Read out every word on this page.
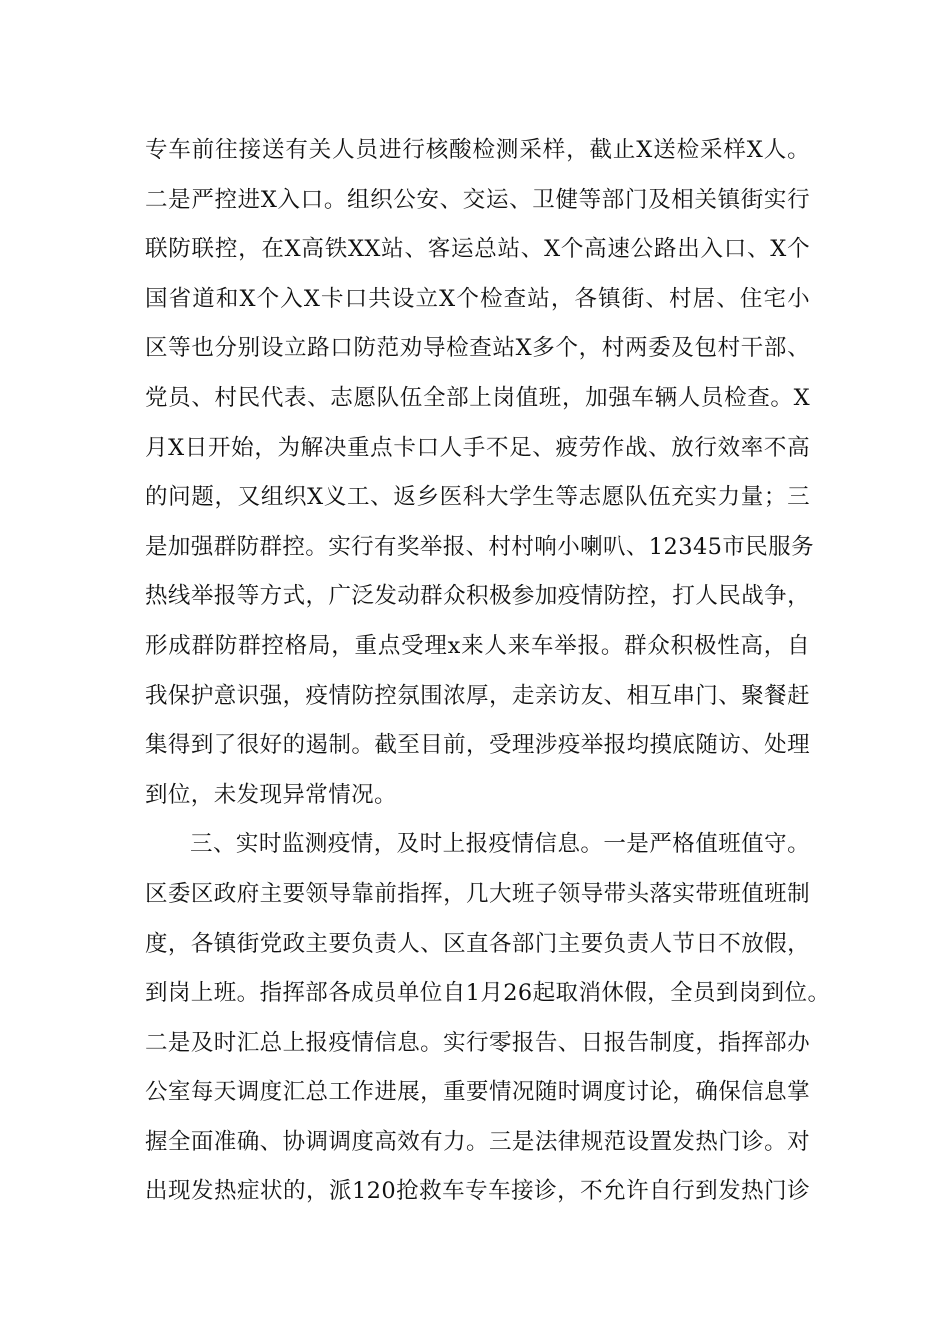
专车前往接送有关人员进行核酸检测采样，截止X送检采样X人。
二是严控进X入口。组织公安、交运、卫健等部门及相关镇街实行
联防联控，在X高铁XX站、客运总站、X个高速公路出入口、X个
国省道和X个入X卡口共设立X个检查站，各镇街、村居、住宅小
区等也分别设立路口防范劝导检查站X多个，村两委及包村干部、
党员、村民代表、志愿队伍全部上岗值班，加强车辆人员检查。X
月X日开始，为解决重点卡口人手不足、疲劳作战、放行效率不高
的问题，又组织X义工、返乡医科大学生等志愿队伍充实力量；三
是加强群防群控。实行有奖举报、村村响小喇叭、12345市民服务
热线举报等方式，广泛发动群众积极参加疫情防控，打人民战争，
形成群防群控格局，重点受理x来人来车举报。群众积极性高，自
我保护意识强，疫情防控氛围浓厚，走亲访友、相互串门、聚餐赶
集得到了很好的遏制。截至目前，受理涉疫举报均摸底随访、处理
到位，未发现异常情况。
三、实时监测疫情，及时上报疫情信息。一是严格值班值守。
区委区政府主要领导靠前指挥，几大班子领导带头落实带班值班制
度，各镇街党政主要负责人、区直各部门主要负责人节日不放假，
到岗上班。指挥部各成员单位自1月26起取消休假，全员到岗到位。
二是及时汇总上报疫情信息。实行零报告、日报告制度，指挥部办
公室每天调度汇总工作进展，重要情况随时调度讨论，确保信息掌
握全面准确、协调调度高效有力。三是法律规范设置发热门诊。对
出现发热症状的，派120抢救车专车接诊，不允许自行到发热门诊
